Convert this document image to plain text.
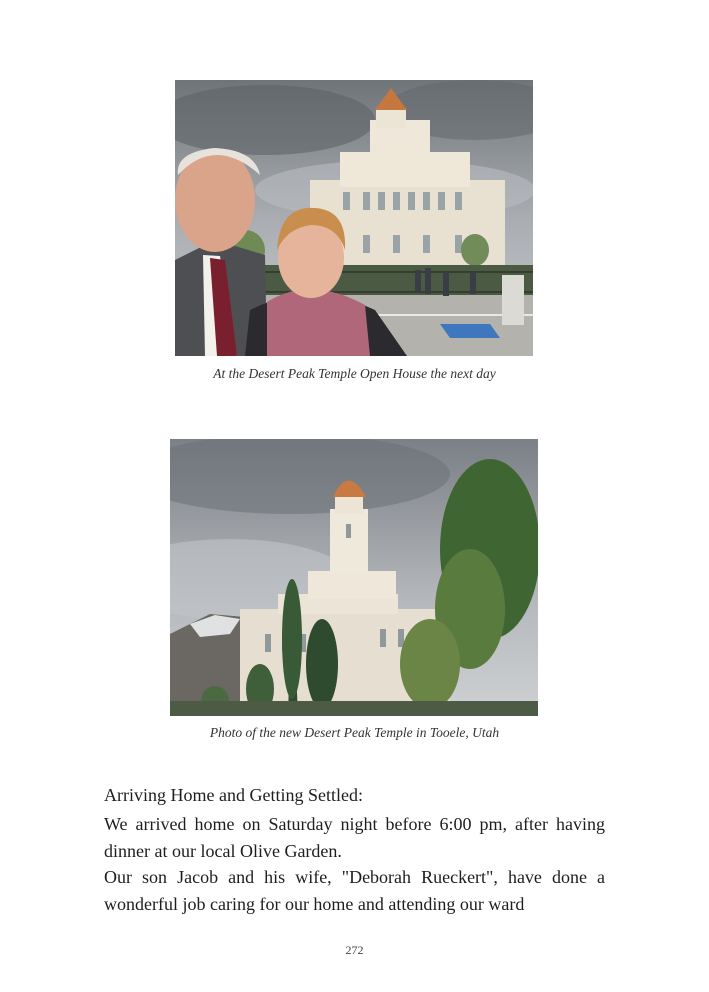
At the Desert Peak Temple Open House the next day
Photo of the new Desert Peak Temple in Tooele, Utah
Arriving Home and Getting Settled:
We arrived home on Saturday night before 6:00 pm, after having dinner at our local Olive Garden.
Our son Jacob and his wife, "Deborah Rueckert", have done a wonderful job caring for our home and attending our ward
272
